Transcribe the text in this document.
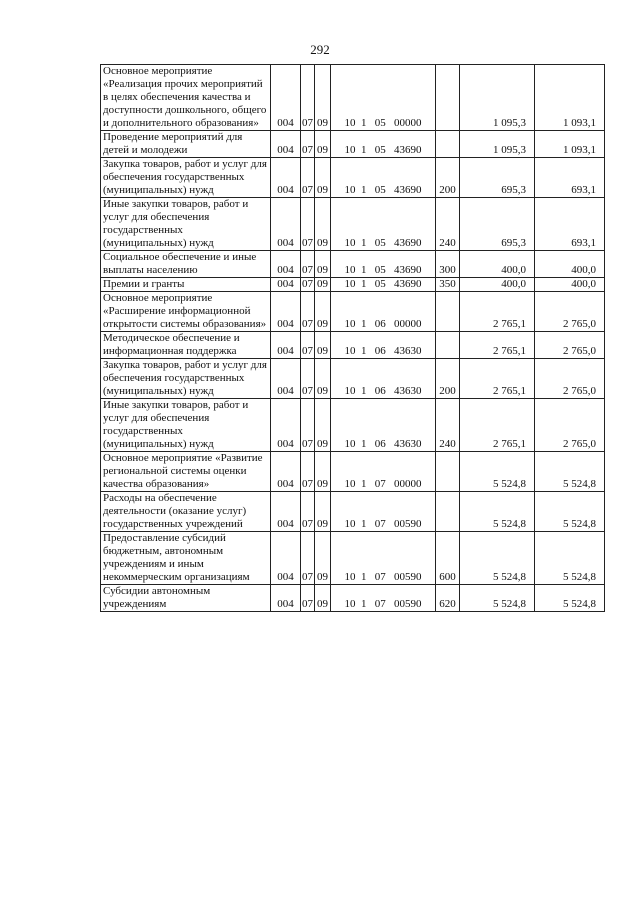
292
Основное мероприятие «Реализация прочих мероприятий в целях обеспечения качества и доступности дошкольного, общего и дополнительного образования»	004	07	09	10 1 05 00000		1 095,3	1 093,1
Проведение мероприятий для детей и молодежи	004	07	09	10 1 05 43690		1 095,3	1 093,1
Закупка товаров, работ и услуг для обеспечения государственных (муниципальных) нужд	004	07	09	10 1 05 43690	200	695,3	693,1
Иные закупки товаров, работ и услуг для обеспечения государственных (муниципальных) нужд	004	07	09	10 1 05 43690	240	695,3	693,1
Социальное обеспечение и иные выплаты населению	004	07	09	10 1 05 43690	300	400,0	400,0
Премии и гранты	004	07	09	10 1 05 43690	350	400,0	400,0
Основное мероприятие «Расширение информационной открытости системы образования»	004	07	09	10 1 06 00000		2 765,1	2 765,0
Методическое обеспечение и информационная поддержка	004	07	09	10 1 06 43630		2 765,1	2 765,0
Закупка товаров, работ и услуг для обеспечения государственных (муниципальных) нужд	004	07	09	10 1 06 43630	200	2 765,1	2 765,0
Иные закупки товаров, работ и услуг для обеспечения государственных (муниципальных) нужд	004	07	09	10 1 06 43630	240	2 765,1	2 765,0
Основное мероприятие «Развитие региональной системы оценки качества образования»	004	07	09	10 1 07 00000		5 524,8	5 524,8
Расходы на обеспечение деятельности (оказание услуг) государственных учреждений	004	07	09	10 1 07 00590		5 524,8	5 524,8
Предоставление субсидий бюджетным, автономным учреждениям и иным некоммерческим организациям	004	07	09	10 1 07 00590	600	5 524,8	5 524,8
Субсидии автономным учреждениям	004	07	09	10 1 07 00590	620	5 524,8	5 524,8
